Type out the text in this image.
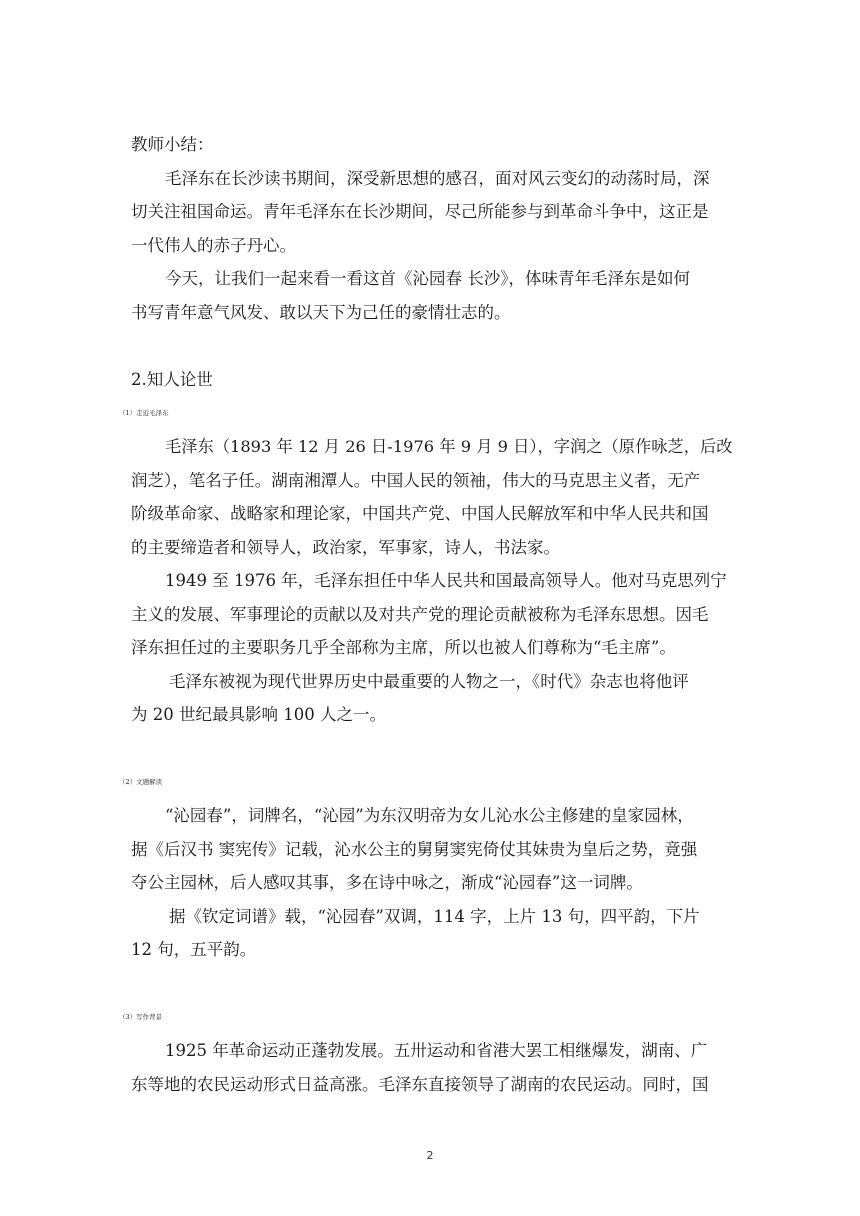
教师小结：
毛泽东在长沙读书期间，深受新思想的感召，面对风云变幻的动荡时局，深
切关注祖国命运。青年毛泽东在长沙期间，尽己所能参与到革命斗争中，这正是
一代伟人的赤子丹心。
今天，让我们一起来看一看这首《沁园春 长沙》，体味青年毛泽东是如何
书写青年意气风发、敢以天下为己任的豪情壮志的。
2.知人论世
（1）走近毛泽东
毛泽东（1893 年 12 月 26 日-1976 年 9 月 9 日），字润之（原作咏芝，后改
润芝），笔名子任。湖南湘潭人。中国人民的领袖，伟大的马克思主义者，无产
阶级革命家、战略家和理论家，中国共产党、中国人民解放军和中华人民共和国
的主要缔造者和领导人，政治家，军事家，诗人，书法家。
1949 至 1976 年，毛泽东担任中华人民共和国最高领导人。他对马克思列宁
主义的发展、军事理论的贡献以及对共产党的理论贡献被称为毛泽东思想。因毛
泽东担任过的主要职务几乎全部称为主席，所以也被人们尊称为“毛主席”。
毛泽东被视为现代世界历史中最重要的人物之一，《时代》杂志也将他评
为 20 世纪最具影响 100 人之一。
（2）文题解读
“沁园春”，词牌名，“沁园”为东汉明帝为女儿沁水公主修建的皇家园林，
据《后汉书 窦宪传》记载，沁水公主的舅舅窦宪倚仗其妹贵为皇后之势，竟强
夺公主园林，后人感叹其事，多在诗中咏之，渐成“沁园春”这一词牌。
据《钦定词谱》载，“沁园春”双调，114 字，上片 13 句，四平韵，下片
12 句，五平韵。
（3）写作背景
1925 年革命运动正蓬勃发展。五卅运动和省港大罢工相继爆发，湖南、广
东等地的农民运动形式日益高涨。毛泽东直接领导了湖南的农民运动。同时，国
2
